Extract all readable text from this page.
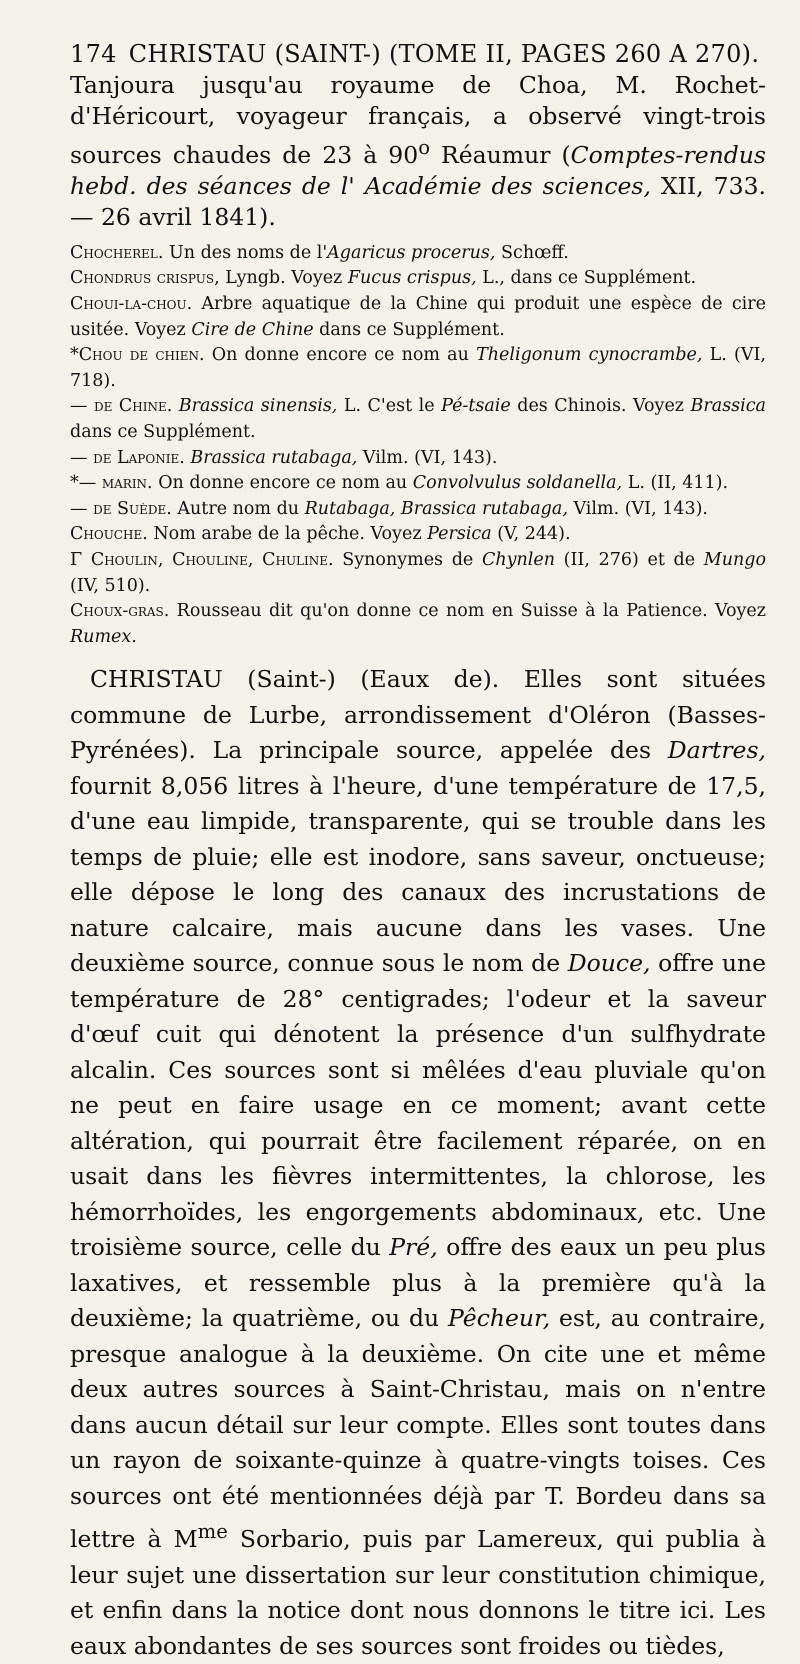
174 CHRISTAU (SAINT-)
(TOME II, PAGES 260 A 270).

Tanjoura jusqu'au royaume de Choa, M. Rochet-d'Héricourt, voyageur français, a observé vingt-trois sources chaudes de 23 à 90$^o$ Réaumur (Comptes-rendus hebd. des séances de l' Académie des sciences, XII, 733. — 26 avril 1841).

Chocherel. Un des noms de l'Agaricus procerus, Schœff.

Chondrus crispus, Lyngb. Voyez Fucus crispus, L., dans ce Supplément.

Choui-la-chou. Arbre aquatique de la Chine qui produit une espèce de cire usitée. Voyez Cire de Chine dans ce Supplément.

*Chou de chien. On donne encore ce nom au Theligonum cynocrambe, L. (VI, 718).

— de Chine. Brassica sinensis, L. C'est le Pé-tsaie des Chinois. Voyez Brassica dans ce Supplément.

— de Laponie. Brassica rutabaga, Vilm. (VI, 143).

*— marin. On donne encore ce nom au Convolvulus soldanella, L. (II, 411).

— de Suède. Autre nom du Rutabaga, Brassica rutabaga, Vilm. (VI, 143).

Chouche. Nom arabe de la pêche. Voyez Persica (V, 244).

Γ Choulin, Chouline, Chuline. Synonymes de Chynlen (II, 276) et de Mungo (IV, 510).

Choux-gras. Rousseau dit qu'on donne ce nom en Suisse à la Patience. Voyez Rumex.

CHRISTAU (Saint-) (Eaux de). Elles sont situées commune de Lurbe, arrondissement d'Oléron (Basses-Pyrénées). La principale source, appelée des Dartres, fournit 8,056 litres à l'heure, d'une température de 17,5, d'une eau limpide, transparente, qui se trouble dans les temps de pluie; elle est inodore, sans saveur, onctueuse; elle dépose le long des canaux des incrustations de nature calcaire, mais aucune dans les vases. Une deuxième source, connue sous le nom de Douce, offre une température de 28° centigrades; l'odeur et la saveur d'œuf cuit qui dénotent la présence d'un sulfhydrate alcalin. Ces sources sont si mêlées d'eau pluviale qu'on ne peut en faire usage en ce moment; avant cette altération, qui pourrait être facilement réparée, on en usait dans les fièvres intermittentes, la chlorose, les hémorrhoïdes, les engorgements abdominaux, etc. Une troisième source, celle du Pré, offre des eaux un peu plus laxatives, et ressemble plus à la première qu'à la deuxième; la quatrième, ou du Pêcheur, est, au contraire, presque analogue à la deuxième. On cite une et même deux autres sources à Saint-Christau, mais on n'entre dans aucun détail sur leur compte. Elles sont toutes dans un rayon de soixante-quinze à quatre-vingts toises. Ces sources ont été mentionnées déjà par T. Bordeu dans sa lettre à $M^{me}$ Sorbario, puis par Lamereux, qui publia à leur sujet une dissertation sur leur constitution chimique, et enfin dans la notice dont nous donnons le titre ici. Les eaux abondantes de ses sources sont froides ou tièdes,
